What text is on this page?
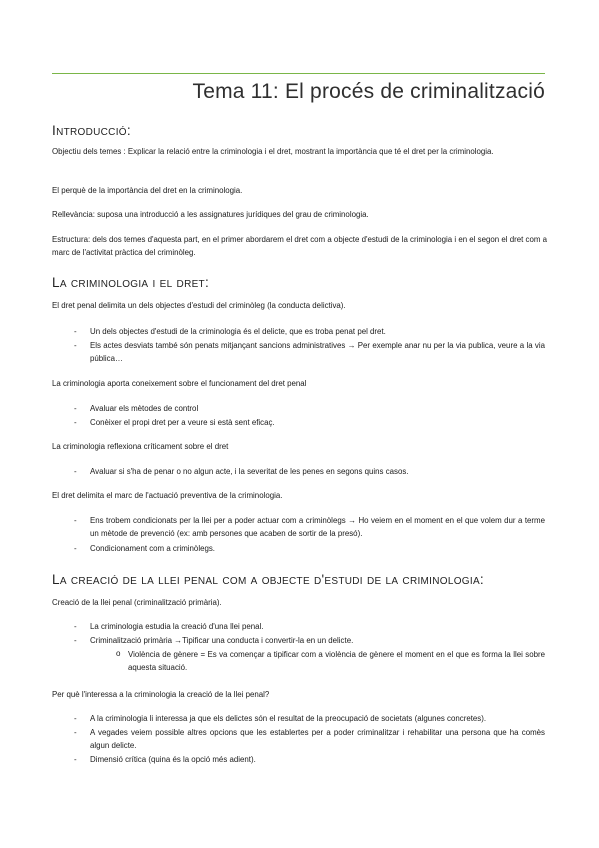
Tema 11: El procés de criminalització
Introducció:
Objectiu dels temes : Explicar la relació entre la criminologia i el dret, mostrant la importància que té el dret per la criminologia.
El perquè de la importància del dret en la criminologia.
Rellevància: suposa una introducció a les assignatures jurídiques del grau de criminologia.
Estructura: dels dos temes d'aquesta part, en el primer abordarem el dret com a objecte d'estudi de la criminologia i en el segon el dret com a marc de l'activitat pràctica del criminòleg.
La criminologia i el dret:
El dret penal delimita un dels objectes d'estudi del criminòleg (la conducta delictiva).
- Un dels objectes d'estudi de la criminologia és el delicte, que es troba penat pel dret.
- Els actes desviats també són penats mitjançant sancions administratives → Per exemple anar nu per la via publica, veure a la via pública…
La criminologia aporta coneixement sobre el funcionament del dret penal
- Avaluar els mètodes de control
- Conèixer el propi dret per a veure si està sent eficaç.
La criminologia reflexiona críticament sobre el dret
- Avaluar si s'ha de penar o no algun acte, i la severitat de les penes en segons quins casos.
El dret delimita el marc de l'actuació preventiva de la criminologia.
- Ens trobem condicionats per la llei per a poder actuar com a criminòlegs → Ho veiem en el moment en el que volem dur a terme un mètode de prevenció (ex: amb persones que acaben de sortir de la presó).
- Condicionament com a criminòlegs.
La creació de la llei penal com a objecte d'estudi de la criminologia:
Creació de la llei penal (criminalització primària).
- La criminologia estudia la creació d'una llei penal.
- Criminalització primària →Tipificar una conducta i convertir-la en un delicte.
o Violència de gènere = Es va començar a tipificar com a violència de gènere el moment en el que es forma la llei sobre aquesta situació.
Per què l'interessa a la criminologia la creació de la llei penal?
- A la criminologia li interessa ja que els delictes són el resultat de la preocupació de societats (algunes concretes).
- A vegades veiem possible altres opcions que les establertes per a poder criminalitzar i rehabilitar una persona que ha comès algun delicte.
- Dimensió crítica (quina és la opció més adient).
